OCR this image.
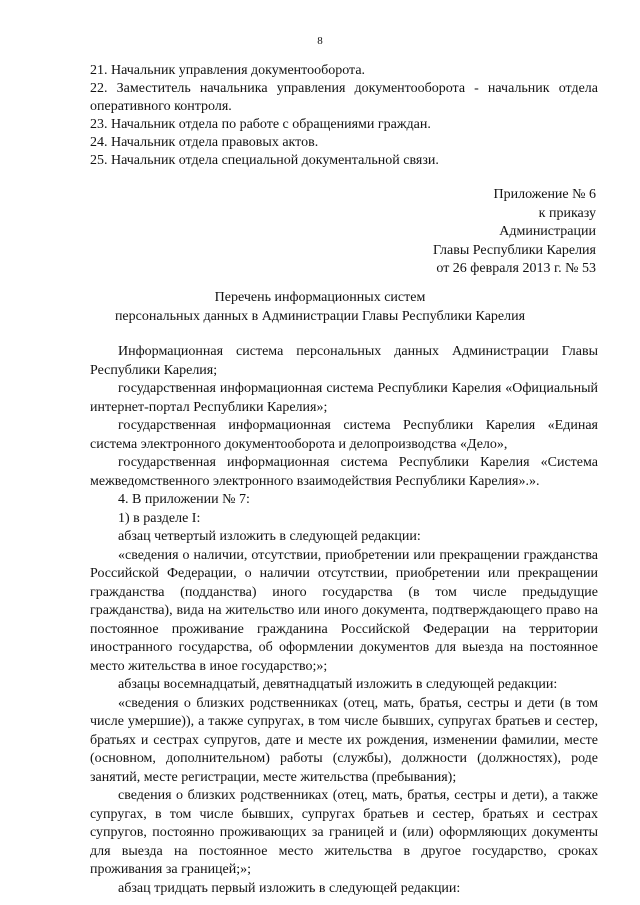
8

21. Начальник управления документооборота.

22. Заместитель начальника управления документооборота - начальник отдела оперативного контроля.

23. Начальник отдела по работе с обращениями граждан.

24. Начальник отдела правовых актов.

25. Начальник отдела специальной документальной связи.

Приложение № 6
к приказу
Администрации
Главы Республики Карелия
от 26 февраля 2013 г. № 53
Перечень информационных систем
персональных данных в Администрации Главы Республики Карелия

Информационная система персональных данных Администрации Главы Республики Карелия;

государственная информационная система Республики Карелия «Официальный интернет-портал Республики Карелия»;

государственная информационная система Республики Карелия «Единая система электронного документооборота и делопроизводства «Дело»,

государственная информационная система Республики Карелия «Система межведомственного электронного взаимодействия Республики Карелия».».

4. В приложении № 7:

1) в разделе I:

абзац четвертый изложить в следующей редакции:

«сведения о наличии, отсутствии, приобретении или прекращении гражданства Российской Федерации, о наличии отсутствии, приобретении или прекращении гражданства (подданства) иного государства (в том числе предыдущие гражданства), вида на жительство или иного документа, подтверждающего право на постоянное проживание гражданина Российской Федерации на территории иностранного государства, об оформлении документов для выезда на постоянное место жительства в иное государство;»;

абзацы восемнадцатый, девятнадцатый изложить в следующей редакции:

«сведения о близких родственниках (отец, мать, братья, сестры и дети (в том числе умершие)), а также супругах, в том числе бывших, супругах братьев и сестер, братьях и сестрах супругов, дате и месте их рождения, изменении фамилии, месте (основном, дополнительном) работы (службы), должности (должностях), роде занятий, месте регистрации, месте жительства (пребывания);

сведения о близких родственниках (отец, мать, братья, сестры и дети), а также супругах, в том числе бывших, супругах братьев и сестер, братьях и сестрах супругов, постоянно проживающих за границей и (или) оформляющих документы для выезда на постоянное место жительства в другое государство, сроках проживания за границей;»;

абзац тридцать первый изложить в следующей редакции:
